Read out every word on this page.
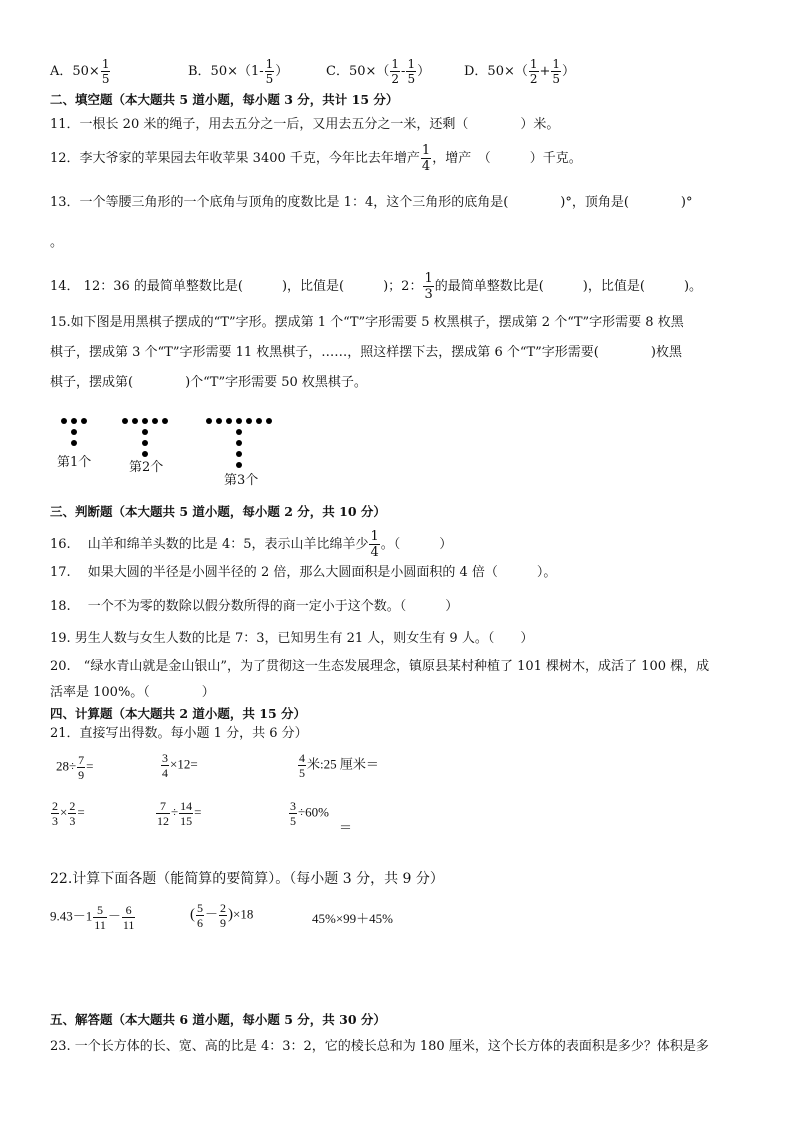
A．$50\times \frac{1}{5}$	B．$50\times(1- \frac{1}{5}$ ）	C．$50\times( \frac{1}{2} - \frac{1}{5}$ ）	D．$50\times( \frac{1}{2} + \frac{1}{5}$ ）
二、填空题（本大题共 5 道小题，每小题 3 分，共计 15 分）
11．一根长 20 米的绳子，用去五分之一后，又用去五分之一米，还剩（　　　　）米。
12．李大爷家的苹果园去年收苹果 3400 千克，今年比去年增产 $\frac{1}{4}$ ，增产　（　　　）千克。
13．一个等腰三角形的一个底角与顶角的度数比是 1：4，这个三角形的底角是(　　　　)°，顶角是(　　　　)°
。
14． 12：36 的最简单整数比是(　　　)，比值是(　　　)；2： $\frac{1}{3}$ 的最简单整数比是(　　　)，比值是(　　　)。
15.如下图是用黑棋子摆成的“T”字形。摆成第 1 个“T”字形需要 5 枚黑棋子，摆成第 2 个“T”字形需要 8 枚黑
棋子，摆成第 3 个“T”字形需要 11 枚黑棋子，……，照这样摆下去，摆成第 6 个“T”字形需要(　　　　)枚黑
棋子，摆成第(　　　　)个“T”字形需要 50 枚黑棋子。
第1个	第2个
第3个
三、判断题（本大题共 5 道小题，每小题 2 分，共 10 分）
16.　 山羊和绵羊头数的比是 4：5，表示山羊比绵羊少 $\frac{1}{4}$ 。（　　　）
17.　 如果大圆的半径是小圆半径的 2 倍，那么大圆面积是小圆面积的 4 倍（　　　）。
18.　 一个不为零的数除以假分数所得的商一定小于这个数。（　　　）
19. 男生人数与女生人数的比是 7：3，已知男生有 21 人，则女生有 9 人。（　　）
20.　“绿水青山就是金山银山”，为了贯彻这一生态发展理念，镇原县某村种植了 101 棵树木，成活了 100 棵，成
活率是 100%。（　　　　）
四、计算题（本大题共 2 道小题，共 15 分）
21．直接写出得数。每小题 1 分，共 6 分）
$28\div \frac{7}{9}$ =	$\frac{3}{4} \times 12=$	$\frac{4}{5}$ 米:25 厘米＝
$\frac{2}{3} \times \frac{2}{3}$ =	$\frac{7}{12} \div \frac{14}{15}$ =	$\frac{3}{5} \div 60\%$
＝
22.计算下面各题（能简算的要简算）。（每小题 3 分，共 9 分）
$9.43-1 \frac{5}{11} - \frac{6}{11}$	( $\frac{5}{6} - \frac{2}{9} )\times 18$	45%×99＋45%
五、解答题（本大题共 6 道小题，每小题 5 分，共 30 分）
23. 一个长方体的长、宽、高的比是 4：3：2，它的棱长总和为 180 厘米，这个长方体的表面积是多少？体积是多
